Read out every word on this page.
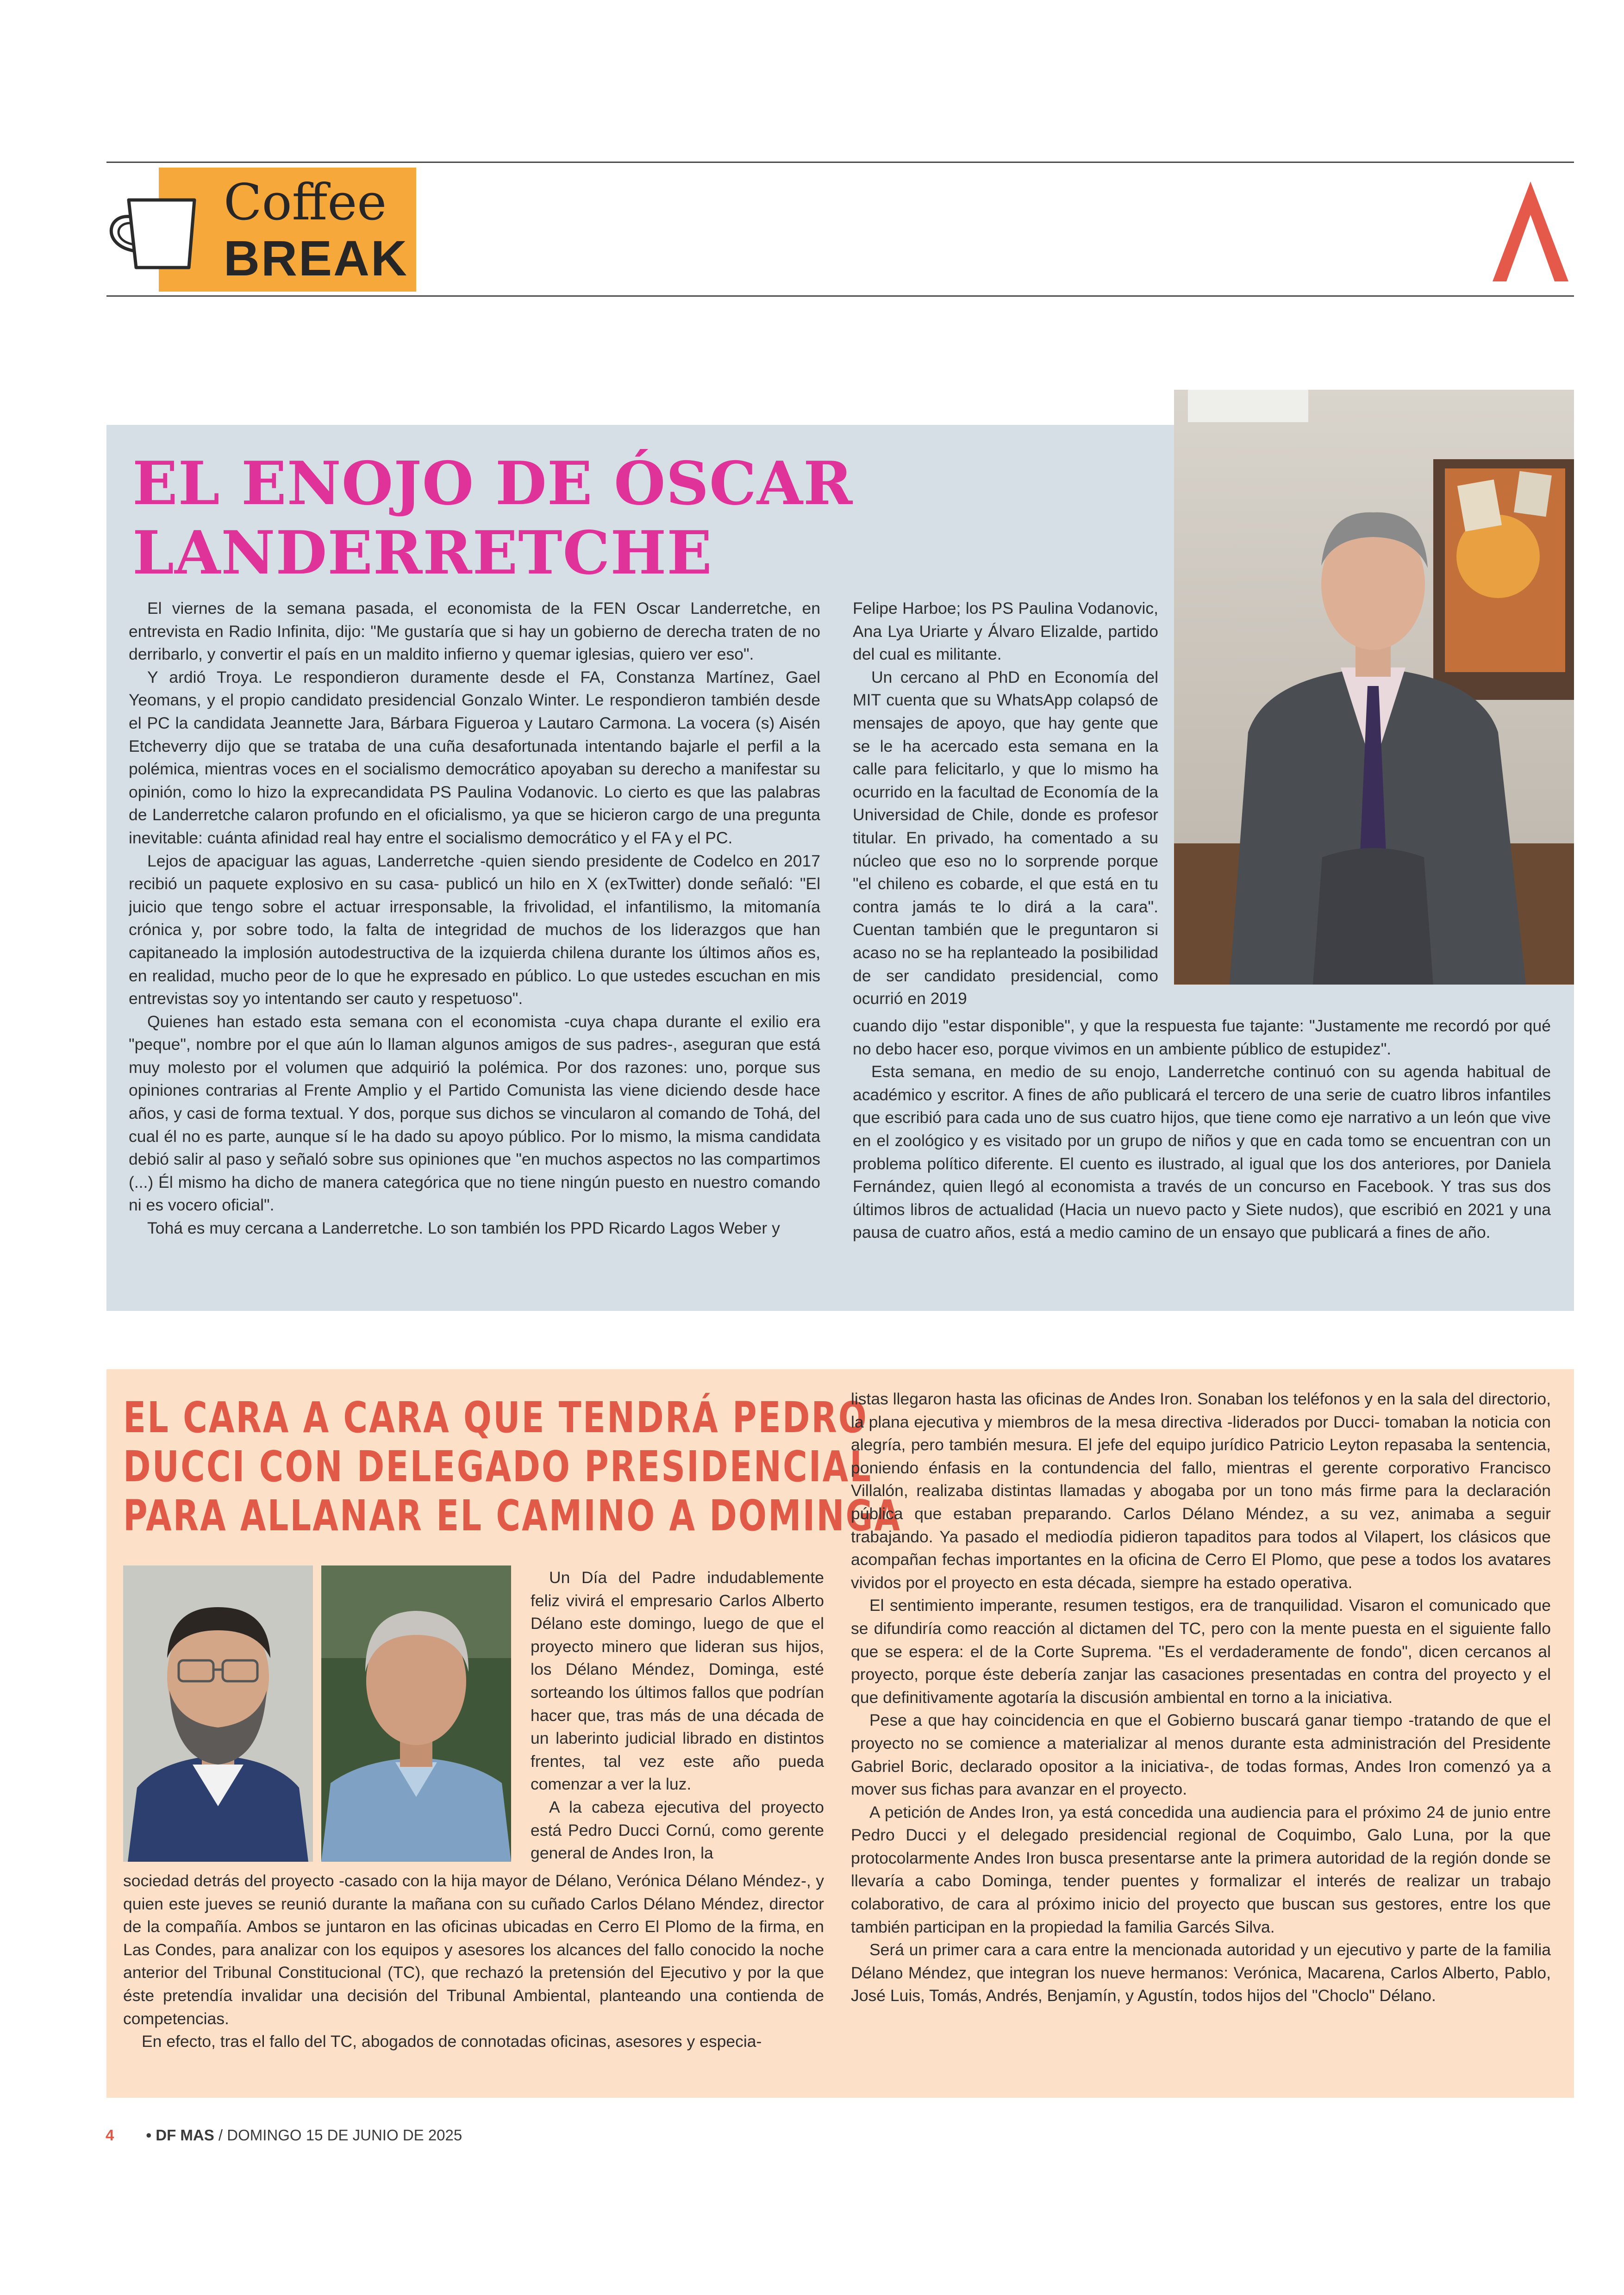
Coffee
BREAK
EL ENOJO DE ÓSCAR LANDERRETCHE

El viernes de la semana pasada, el economista de la FEN Oscar Landerretche, en entrevista en Radio Infinita, dijo: "Me gustaría que si hay un gobierno de derecha traten de no derribarlo, y convertir el país en un maldito infierno y quemar iglesias, quiero ver eso".

Y ardió Troya. Le respondieron duramente desde el FA, Constanza Martínez, Gael Yeomans, y el propio candidato presidencial Gonzalo Winter. Le respondieron también desde el PC la candidata Jeannette Jara, Bárbara Figueroa y Lautaro Carmona. La vocera (s) Aisén Etcheverry dijo que se trataba de una cuña desafortunada intentando bajarle el perfil a la polémica, mientras voces en el socialismo democrático apoyaban su derecho a manifestar su opinión, como lo hizo la exprecandidata PS Paulina Vodanovic. Lo cierto es que las palabras de Landerretche calaron profundo en el oficialismo, ya que se hicieron cargo de una pregunta inevitable: cuánta afinidad real hay entre el socialismo democrático y el FA y el PC.

Lejos de apaciguar las aguas, Landerretche -quien siendo presidente de Codelco en 2017 recibió un paquete explosivo en su casa- publicó un hilo en X (exTwitter) donde señaló: "El juicio que tengo sobre el actuar irresponsable, la frivolidad, el infantilismo, la mitomanía crónica y, por sobre todo, la falta de integridad de muchos de los liderazgos que han capitaneado la implosión autodestructiva de la izquierda chilena durante los últimos años es, en realidad, mucho peor de lo que he expresado en público. Lo que ustedes escuchan en mis entrevistas soy yo intentando ser cauto y respetuoso".

Quienes han estado esta semana con el economista -cuya chapa durante el exilio era "peque", nombre por el que aún lo llaman algunos amigos de sus padres-, aseguran que está muy molesto por el volumen que adquirió la polémica. Por dos razones: uno, porque sus opiniones contrarias al Frente Amplio y el Partido Comunista las viene diciendo desde hace años, y casi de forma textual. Y dos, porque sus dichos se vincularon al comando de Tohá, del cual él no es parte, aunque sí le ha dado su apoyo público. Por lo mismo, la misma candidata debió salir al paso y señaló sobre sus opiniones que "en muchos aspectos no las compartimos (...) Él mismo ha dicho de manera categórica que no tiene ningún puesto en nuestro comando ni es vocero oficial".

Tohá es muy cercana a Landerretche. Lo son también los PPD Ricardo Lagos Weber y

Felipe Harboe; los PS Paulina Vodanovic, Ana Lya Uriarte y Álvaro Elizalde, partido del cual es militante.

Un cercano al PhD en Economía del MIT cuenta que su WhatsApp colapsó de mensajes de apoyo, que hay gente que se le ha acercado esta semana en la calle para felicitarlo, y que lo mismo ha ocurrido en la facultad de Economía de la Universidad de Chile, donde es profesor titular. En privado, ha comentado a su núcleo que eso no lo sorprende porque "el chileno es cobarde, el que está en tu contra jamás te lo dirá a la cara". Cuentan también que le preguntaron si acaso no se ha replanteado la posibilidad de ser candidato presidencial, como ocurrió en 2019

cuando dijo "estar disponible", y que la respuesta fue tajante: "Justamente me recordó por qué no debo hacer eso, porque vivimos en un ambiente público de estupidez".

Esta semana, en medio de su enojo, Landerretche continuó con su agenda habitual de académico y escritor. A fines de año publicará el tercero de una serie de cuatro libros infantiles que escribió para cada uno de sus cuatro hijos, que tiene como eje narrativo a un león que vive en el zoológico y es visitado por un grupo de niños y que en cada tomo se encuentran con un problema político diferente. El cuento es ilustrado, al igual que los dos anteriores, por Daniela Fernández, quien llegó al economista a través de un concurso en Facebook. Y tras sus dos últimos libros de actualidad (Hacia un nuevo pacto y Siete nudos), que escribió en 2021 y una pausa de cuatro años, está a medio camino de un ensayo que publicará a fines de año.

EL CARA A CARA QUE TENDRÁ PEDRO
DUCCI CON DELEGADO PRESIDENCIAL
PARA ALLANAR EL CAMINO A DOMINGA

Un Día del Padre indudablemente feliz vivirá el empresario Carlos Alberto Délano este domingo, luego de que el proyecto minero que lideran sus hijos, los Délano Méndez, Dominga, esté sorteando los últimos fallos que podrían hacer que, tras más de una década de un laberinto judicial librado en distintos frentes, tal vez este año pueda comenzar a ver la luz.

A la cabeza ejecutiva del proyecto está Pedro Ducci Cornú, como gerente general de Andes Iron, la

sociedad detrás del proyecto -casado con la hija mayor de Délano, Verónica Délano Méndez-, y quien este jueves se reunió durante la mañana con su cuñado Carlos Délano Méndez, director de la compañía. Ambos se juntaron en las oficinas ubicadas en Cerro El Plomo de la firma, en Las Condes, para analizar con los equipos y asesores los alcances del fallo conocido la noche anterior del Tribunal Constitucional (TC), que rechazó la pretensión del Ejecutivo y por la que éste pretendía invalidar una decisión del Tribunal Ambiental, planteando una contienda de competencias.

En efecto, tras el fallo del TC, abogados de connotadas oficinas, asesores y especia-

listas llegaron hasta las oficinas de Andes Iron. Sonaban los teléfonos y en la sala del directorio, la plana ejecutiva y miembros de la mesa directiva -liderados por Ducci- tomaban la noticia con alegría, pero también mesura. El jefe del equipo jurídico Patricio Leyton repasaba la sentencia, poniendo énfasis en la contundencia del fallo, mientras el gerente corporativo Francisco Villalón, realizaba distintas llamadas y abogaba por un tono más firme para la declaración pública que estaban preparando. Carlos Délano Méndez, a su vez, animaba a seguir trabajando. Ya pasado el mediodía pidieron tapaditos para todos al Vilapert, los clásicos que acompañan fechas importantes en la oficina de Cerro El Plomo, que pese a todos los avatares vividos por el proyecto en esta década, siempre ha estado operativa.

El sentimiento imperante, resumen testigos, era de tranquilidad. Visaron el comunicado que se difundiría como reacción al dictamen del TC, pero con la mente puesta en el siguiente fallo que se espera: el de la Corte Suprema. "Es el verdaderamente de fondo", dicen cercanos al proyecto, porque éste debería zanjar las casaciones presentadas en contra del proyecto y el que definitivamente agotaría la discusión ambiental en torno a la iniciativa.

Pese a que hay coincidencia en que el Gobierno buscará ganar tiempo -tratando de que el proyecto no se comience a materializar al menos durante esta administración del Presidente Gabriel Boric, declarado opositor a la iniciativa-, de todas formas, Andes Iron comenzó ya a mover sus fichas para avanzar en el proyecto.

A petición de Andes Iron, ya está concedida una audiencia para el próximo 24 de junio entre Pedro Ducci y el delegado presidencial regional de Coquimbo, Galo Luna, por la que protocolarmente Andes Iron busca presentarse ante la primera autoridad de la región donde se llevaría a cabo Dominga, tender puentes y formalizar el interés de realizar un trabajo colaborativo, de cara al próximo inicio del proyecto que buscan sus gestores, entre los que también participan en la propiedad la familia Garcés Silva.

Será un primer cara a cara entre la mencionada autoridad y un ejecutivo y parte de la familia Délano Méndez, que integran los nueve hermanos: Verónica, Macarena, Carlos Alberto, Pablo, José Luis, Tomás, Andrés, Benjamín, y Agustín, todos hijos del "Choclo" Délano.

4 • DF MAS / DOMINGO 15 DE JUNIO DE 2025
